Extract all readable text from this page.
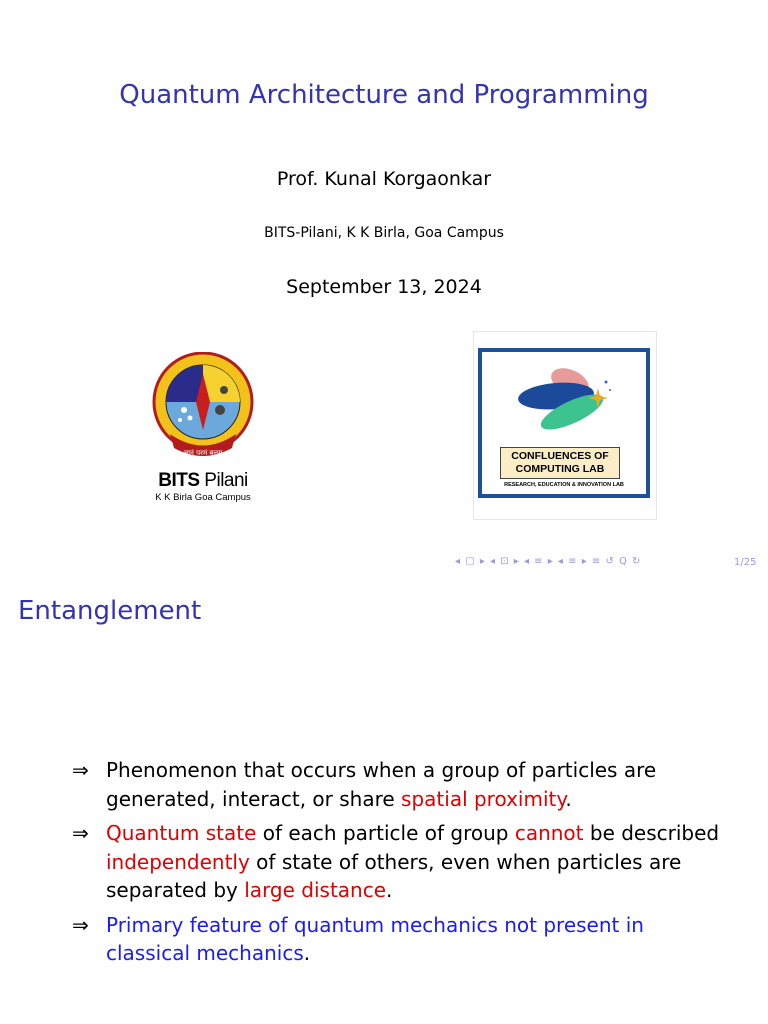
Quantum Architecture and Programming
Prof. Kunal Korgaonkar
BITS-Pilani, K K Birla, Goa Campus
September 13, 2024
ज्ञानं परमं बलम्
BITS Pilani
K K Birla Goa Campus
CONFLUENCES OF
COMPUTING LAB
RESEARCH, EDUCATION & INNOVATION LAB
◂ ▢ ▸ ◂ ⊡ ▸ ◂ ≡ ▸ ◂ ≡ ▸ ≡ ↺ Q ↻	1/25
Entanglement
⇒ Phenomenon that occurs when a group of particles are generated, interact, or share spatial proximity.
⇒ Quantum state of each particle of group cannot be described independently of state of others, even when particles are separated by large distance.
⇒ Primary feature of quantum mechanics not present in classical mechanics.
